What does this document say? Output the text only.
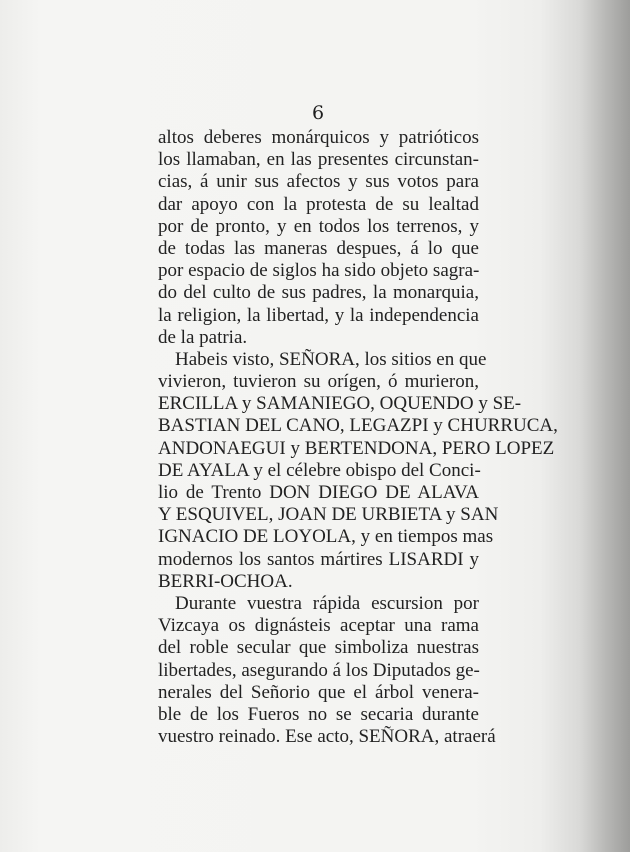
6
altos deberes monárquicos y patrióticos
los llamaban, en las presentes circunstan-
cias, á unir sus afectos y sus votos para
dar apoyo con la protesta de su lealtad
por de pronto, y en todos los terrenos, y
de todas las maneras despues, á lo que
por espacio de siglos ha sido objeto sagra-
do del culto de sus padres, la monarquia,
la religion, la libertad, y la independencia
de la patria.
Habeis visto, SEÑORA, los sitios en que
vivieron, tuvieron su orígen, ó murieron,
ERCILLA y SAMANIEGO, OQUENDO y SE-
BASTIAN DEL CANO, LEGAZPI y CHURRUCA,
ANDONAEGUI y BERTENDONA, PERO LOPEZ
DE AYALA y el célebre obispo del Conci-
lio de Trento DON DIEGO DE ALAVA
Y ESQUIVEL, JOAN DE URBIETA y SAN
IGNACIO DE LOYOLA, y en tiempos mas
modernos los santos mártires LISARDI y
BERRI-OCHOA.
Durante vuestra rápida escursion por
Vizcaya os dignásteis aceptar una rama
del roble secular que simboliza nuestras
libertades, asegurando á los Diputados ge-
nerales del Señorio que el árbol venera-
ble de los Fueros no se secaria durante
vuestro reinado. Ese acto, SEÑORA, atraerá
